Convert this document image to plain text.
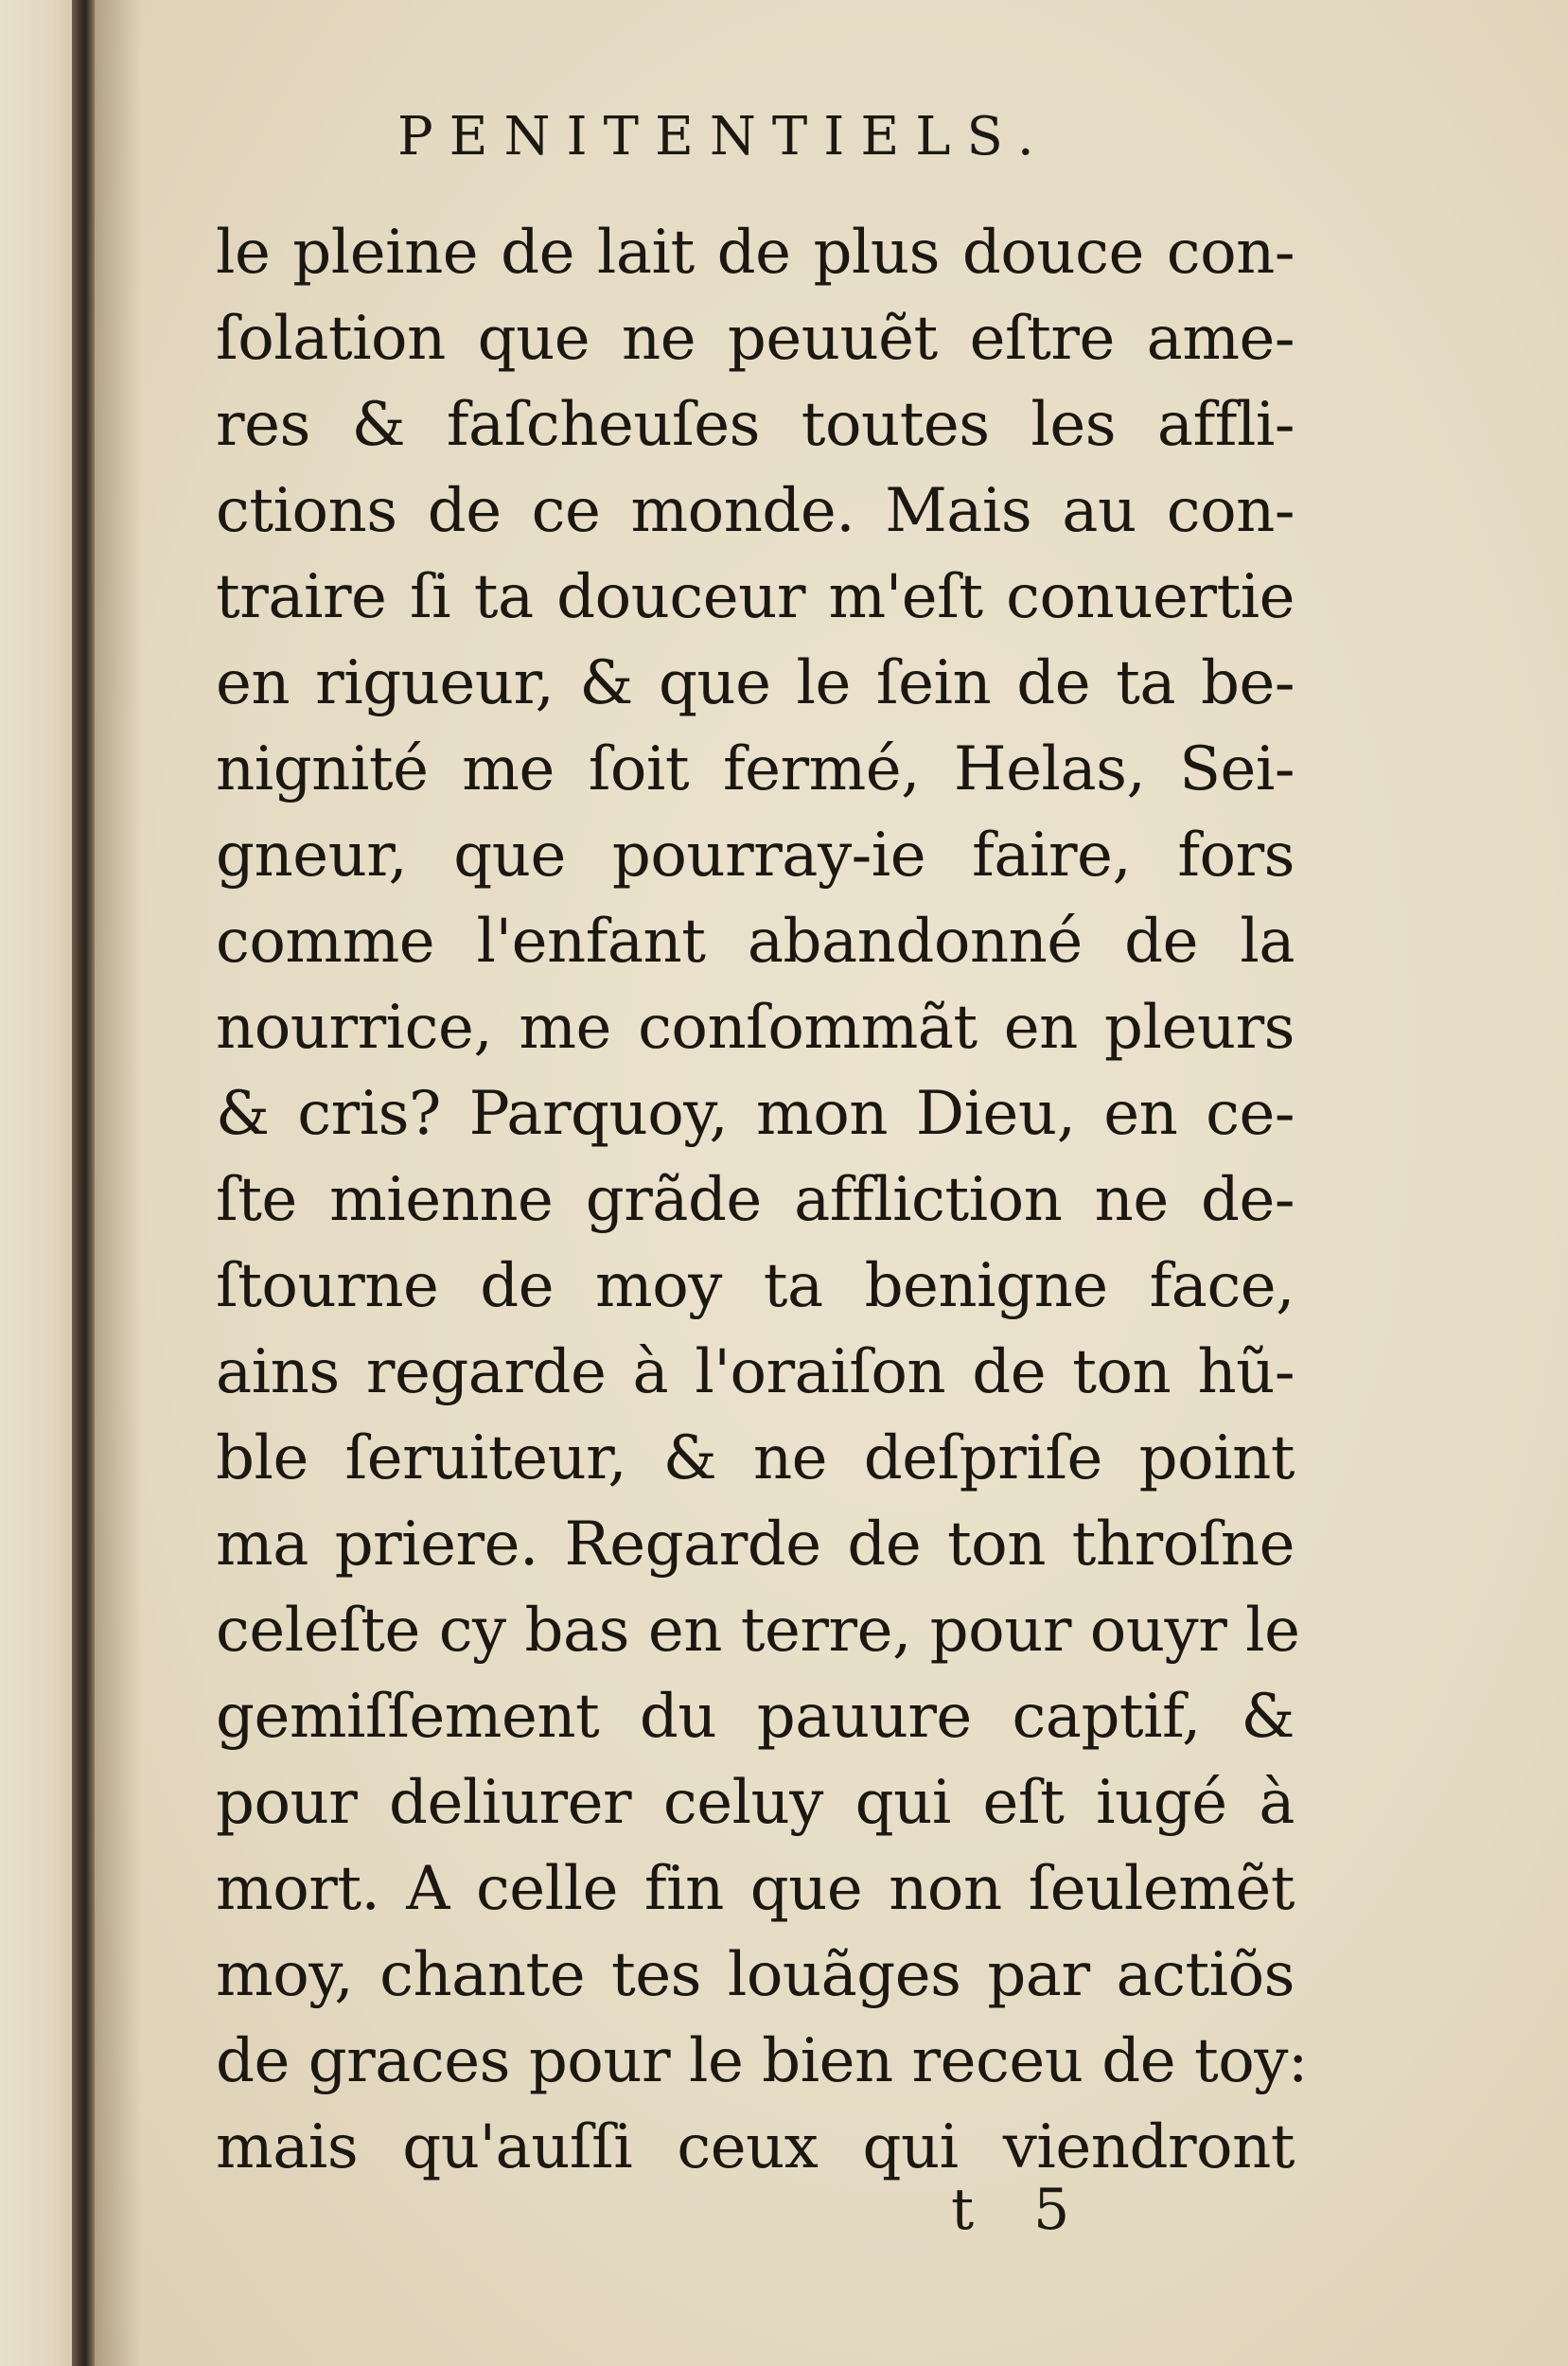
PENITENTIELS.
le pleine de lait de plus douce con-
ſolation que ne peuuẽt eſtre ame-
res & faſcheuſes toutes les affli-
ctions de ce monde. Mais au con-
traire ſi ta douceur m'eſt conuertie
en rigueur, & que le ſein de ta be-
nignité me ſoit fermé, Helas, Sei-
gneur, que pourray-ie faire, fors
comme l'enfant abandonné de la
nourrice, me conſommãt en pleurs
& cris? Parquoy, mon Dieu, en ce-
ſte mienne grãde affliction ne de-
ſtourne de moy ta benigne face,
ains regarde à l'oraiſon de ton hũ-
ble ſeruiteur, & ne deſpriſe point
ma priere. Regarde de ton throſne
celeſte cy bas en terre, pour ouyr le
gemiſſement du pauure captif, &
pour deliurer celuy qui eſt iugé à
mort. A celle fin que non ſeulemẽt
moy, chante tes louãges par actiõs
de graces pour le bien receu de toy:
mais qu'auſſi ceux qui viendront
t 5
